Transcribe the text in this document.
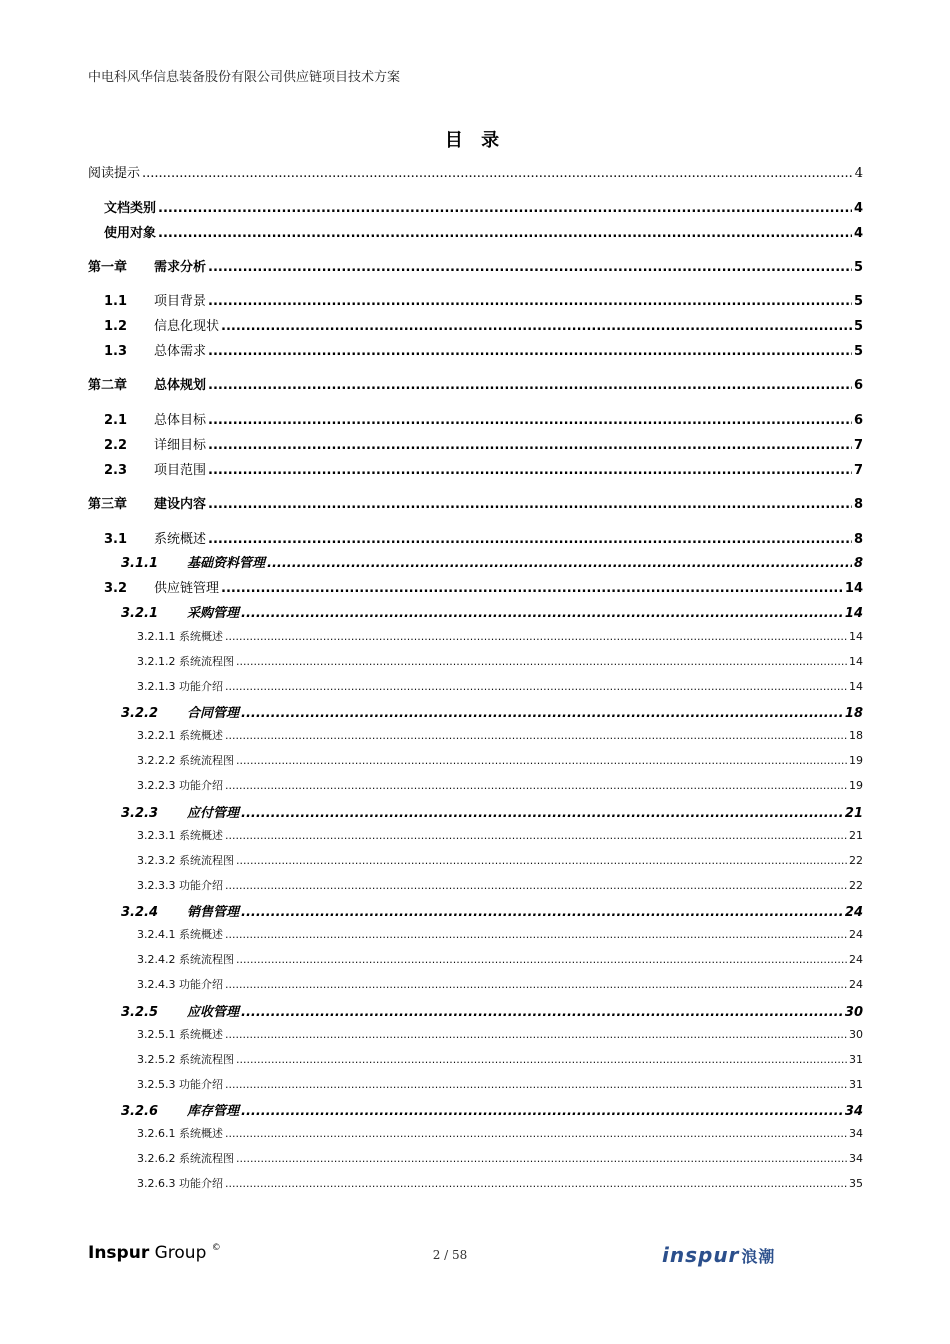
中电科风华信息装备股份有限公司供应链项目技术方案
目 录
阅读提示 .....	4
文档类别 .....	4
使用对象 .....	4
第一章	需求分析 .....	5
1.1	项目背景 .....	5
1.2	信息化现状 .....	5
1.3	总体需求 .....	5
第二章	总体规划 .....	6
2.1	总体目标 .....	6
2.2	详细目标 .....	7
2.3	项目范围 .....	7
第三章	建设内容 .....	8
3.1	系统概述 .....	8
3.1.1	基础资料管理 .....	8
3.2	供应链管理 .....	14
3.2.1	采购管理 .....	14
3.2.1.1 系统概述 .....	14
3.2.1.2 系统流程图 .....	14
3.2.1.3 功能介绍 .....	14
3.2.2	合同管理 .....	18
3.2.2.1 系统概述 .....	18
3.2.2.2 系统流程图 .....	19
3.2.2.3 功能介绍 .....	19
3.2.3	应付管理 .....	21
3.2.3.1 系统概述 .....	21
3.2.3.2 系统流程图 .....	22
3.2.3.3 功能介绍 .....	22
3.2.4	销售管理 .....	24
3.2.4.1 系统概述 .....	24
3.2.4.2 系统流程图 .....	24
3.2.4.3 功能介绍 .....	24
3.2.5	应收管理 .....	30
3.2.5.1 系统概述 .....	30
3.2.5.2 系统流程图 .....	31
3.2.5.3 功能介绍 .....	31
3.2.6	库存管理 .....	34
3.2.6.1 系统概述 .....	34
3.2.6.2 系统流程图 .....	34
3.2.6.3 功能介绍 .....	35
Inspur Group ©	2 / 58	inspur 浪潮
